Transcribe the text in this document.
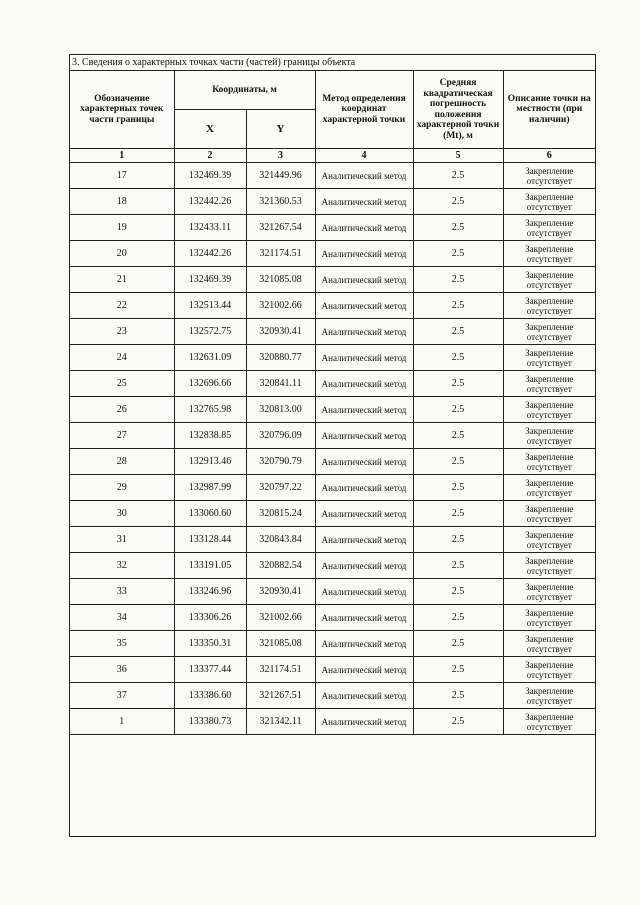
3. Сведения о характерных точках части (частей) границы объекта
Обозначение характерных точек части границы	Координаты, м		Метод определения координат характерной точки	Средняя квадратическая погрешность положения характерной точки (Mt), м	Описание точки на местности (при наличии)
	X	Y			
1	2	3	4	5	6
17	132469.39	321449.96	Аналитический метод	2.5	Закрепление отсутствует
18	132442.26	321360.53	Аналитический метод	2.5	Закрепление отсутствует
19	132433.11	321267.54	Аналитический метод	2.5	Закрепление отсутствует
20	132442.26	321174.51	Аналитический метод	2.5	Закрепление отсутствует
21	132469.39	321085.08	Аналитический метод	2.5	Закрепление отсутствует
22	132513.44	321002.66	Аналитический метод	2.5	Закрепление отсутствует
23	132572.75	320930.41	Аналитический метод	2.5	Закрепление отсутствует
24	132631.09	320880.77	Аналитический метод	2.5	Закрепление отсутствует
25	132696.66	320841.11	Аналитический метод	2.5	Закрепление отсутствует
26	132765.98	320813.00	Аналитический метод	2.5	Закрепление отсутствует
27	132838.85	320796.09	Аналитический метод	2.5	Закрепление отсутствует
28	132913.46	320790.79	Аналитический метод	2.5	Закрепление отсутствует
29	132987.99	320797.22	Аналитический метод	2.5	Закрепление отсутствует
30	133060.60	320815.24	Аналитический метод	2.5	Закрепление отсутствует
31	133128.44	320843.84	Аналитический метод	2.5	Закрепление отсутствует
32	133191.05	320882.54	Аналитический метод	2.5	Закрепление отсутствует
33	133246.96	320930.41	Аналитический метод	2.5	Закрепление отсутствует
34	133306.26	321002.66	Аналитический метод	2.5	Закрепление отсутствует
35	133350.31	321085.08	Аналитический метод	2.5	Закрепление отсутствует
36	133377.44	321174.51	Аналитический метод	2.5	Закрепление отсутствует
37	133386.60	321267.51	Аналитический метод	2.5	Закрепление отсутствует
1	133380.73	321342.11	Аналитический метод	2.5	Закрепление отсутствует
